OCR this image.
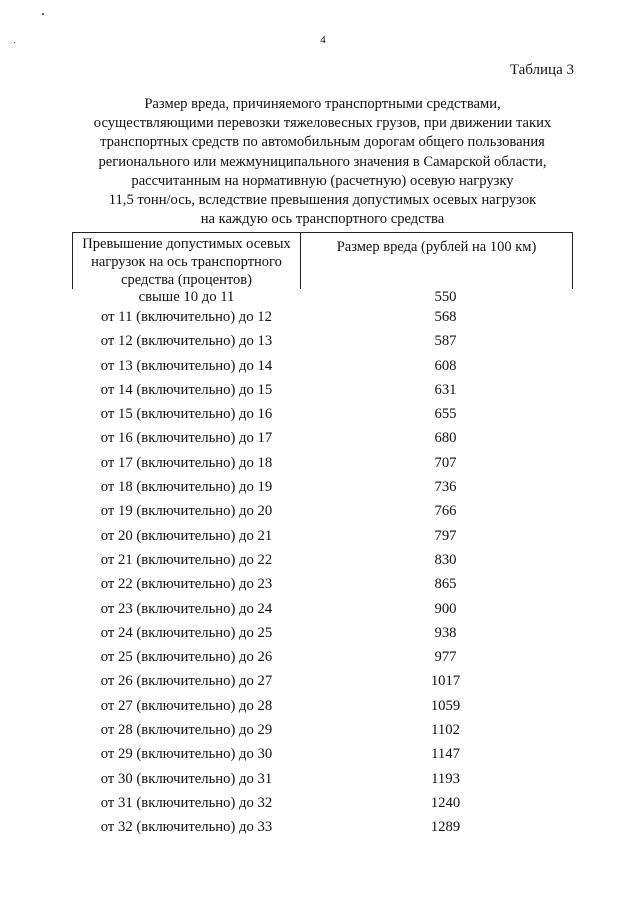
4
Таблица 3
Размер вреда, причиняемого транспортными средствами,
осуществляющими перевозки тяжеловесных грузов, при движении таких
транспортных средств по автомобильным дорогам общего пользования
регионального или межмуниципального значения в Самарской области,
рассчитанным на нормативную (расчетную) осевую нагрузку
11,5 тонн/ось, вследствие превышения допустимых осевых нагрузок
на каждую ось транспортного средства
Превышение допустимых осевых нагрузок на ось транспортного средства (процентов)	Размер вреда (рублей на 100 км)
свыше 10 до 11	550
от 11 (включительно) до 12	568
от 12 (включительно) до 13	587
от 13 (включительно) до 14	608
от 14 (включительно) до 15	631
от 15 (включительно) до 16	655
от 16 (включительно) до 17	680
от 17 (включительно) до 18	707
от 18 (включительно) до 19	736
от 19 (включительно) до 20	766
от 20 (включительно) до 21	797
от 21 (включительно) до 22	830
от 22 (включительно) до 23	865
от 23 (включительно) до 24	900
от 24 (включительно) до 25	938
от 25 (включительно) до 26	977
от 26 (включительно) до 27	1017
от 27 (включительно) до 28	1059
от 28 (включительно) до 29	1102
от 29 (включительно) до 30	1147
от 30 (включительно) до 31	1193
от 31 (включительно) до 32	1240
от 32 (включительно) до 33	1289
